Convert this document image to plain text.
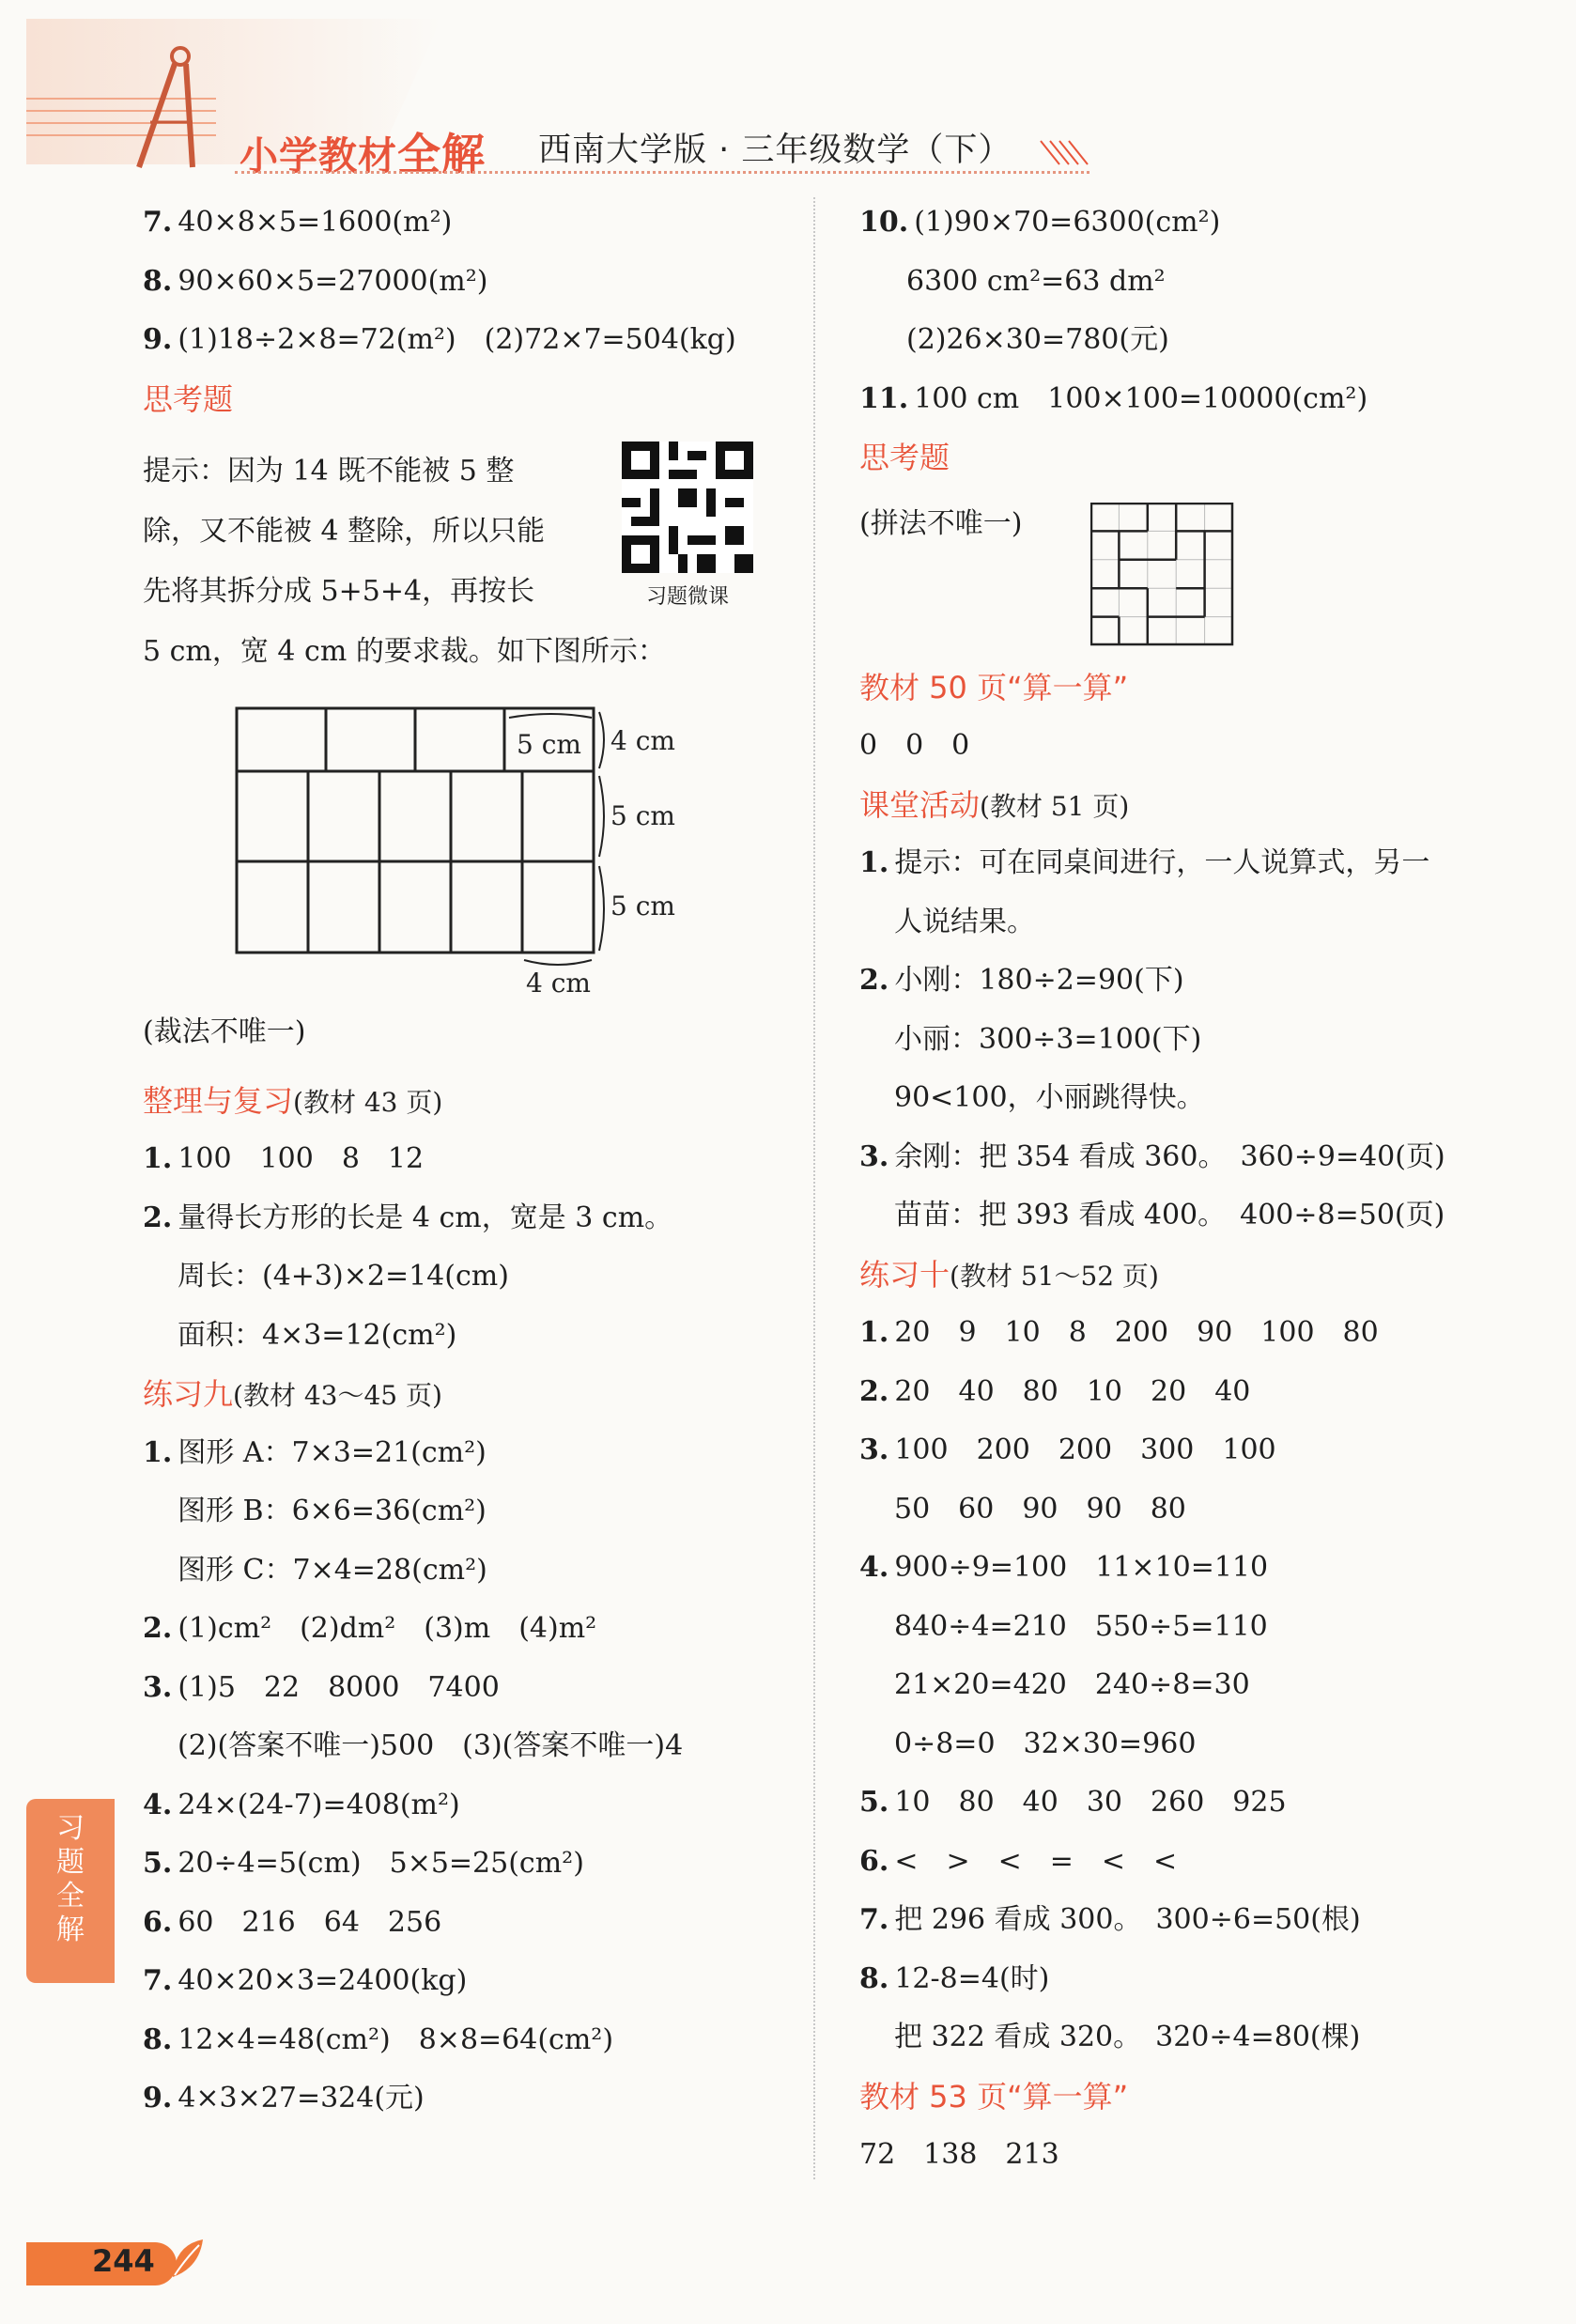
小学教材全解 西南大学版 · 三年级数学（下）
7. 40×8×5=1600(m²)
8. 90×60×5=27000(m²)
9. (1)18÷2×8=72(m²)　(2)72×7=504(kg)
思考题
提示：因为 14 既不能被 5 整
除，又不能被 4 整除，所以只能
先将其拆分成 5+5+4，再按长
5 cm，宽 4 cm 的要求裁。如下图所示：
习题微课
5 cm 4 cm
5 cm
5 cm
4 cm
(裁法不唯一)
整理与复习(教材 43 页)
1. 100　100　8　12
2. 量得长方形的长是 4 cm，宽是 3 cm。
周长：(4+3)×2=14(cm)
面积：4×3=12(cm²)
练习九(教材 43～45 页)
1. 图形 A：7×3=21(cm²)
图形 B：6×6=36(cm²)
图形 C：7×4=28(cm²)
2. (1)cm²　(2)dm²　(3)m　(4)m²
3. (1)5　22　8000　7400
(2)(答案不唯一)500　(3)(答案不唯一)4
4. 24×(24-7)=408(m²)
5. 20÷4=5(cm)　5×5=25(cm²)
6. 60　216　64　256
7. 40×20×3=2400(kg)
8. 12×4=48(cm²)　8×8=64(cm²)
9. 4×3×27=324(元)
10. (1)90×70=6300(cm²)
6300 cm²=63 dm²
(2)26×30=780(元)
11. 100 cm　100×100=10000(cm²)
思考题
(拼法不唯一)
教材 50 页“算一算”
0　0　0
课堂活动(教材 51 页)
1. 提示：可在同桌间进行，一人说算式，另一
人说结果。
2. 小刚：180÷2=90(下)
小丽：300÷3=100(下)
90<100，小丽跳得快。
3. 余刚：把 354 看成 360。　360÷9=40(页)
苗苗：把 393 看成 400。　400÷8=50(页)
练习十(教材 51～52 页)
1. 20　9　10　8　200　90　100　80
2. 20　40　80　10　20　40
3. 100　200　200　300　100
50　60　90　90　80
4. 900÷9=100　11×10=110
840÷4=210　550÷5=110
21×20=420　240÷8=30
0÷8=0　32×30=960
5. 10　80　40　30　260　925
6. <　>　<　=　<　<
7. 把 296 看成 300。　300÷6=50(根)
8. 12-8=4(时)
把 322 看成 320。　320÷4=80(棵)
教材 53 页“算一算”
72　138　213
习
题
全
解
244
